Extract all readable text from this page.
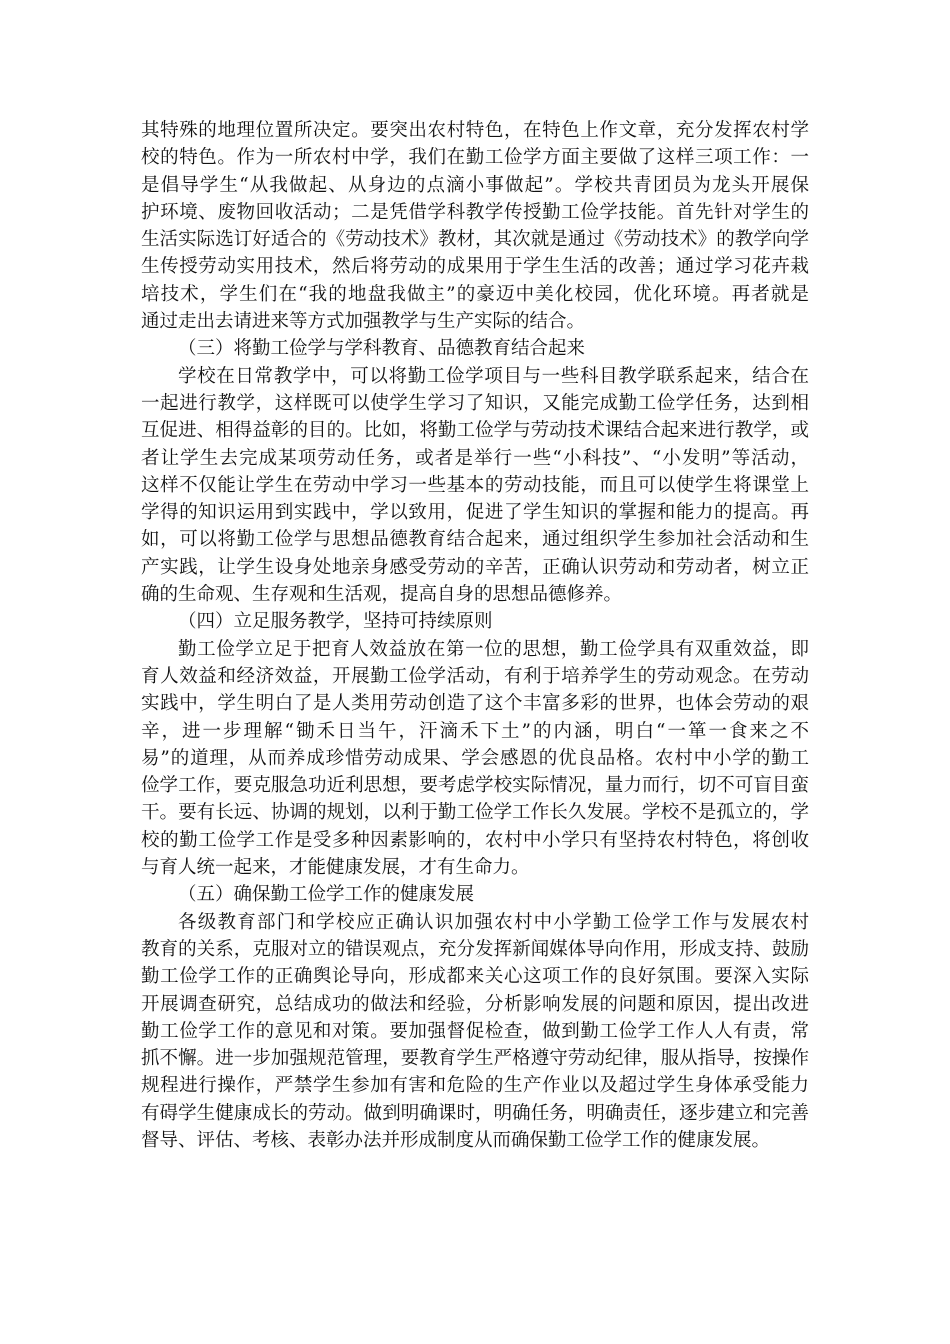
其特殊的地理位置所决定。要突出农村特色，在特色上作文章，充分发挥农村学
校的特色。作为一所农村中学，我们在勤工俭学方面主要做了这样三项工作：一
是倡导学生“从我做起、从身边的点滴小事做起”。学校共青团员为龙头开展保
护环境、废物回收活动；二是凭借学科教学传授勤工俭学技能。首先针对学生的
生活实际选订好适合的《劳动技术》教材，其次就是通过《劳动技术》的教学向学
生传授劳动实用技术，然后将劳动的成果用于学生生活的改善；通过学习花卉栽
培技术，学生们在“我的地盘我做主”的豪迈中美化校园，优化环境。再者就是
通过走出去请进来等方式加强教学与生产实际的结合。
（三）将勤工俭学与学科教育、品德教育结合起来
学校在日常教学中，可以将勤工俭学项目与一些科目教学联系起来，结合在
一起进行教学，这样既可以使学生学习了知识，又能完成勤工俭学任务，达到相
互促进、相得益彰的目的。比如，将勤工俭学与劳动技术课结合起来进行教学，或
者让学生去完成某项劳动任务，或者是举行一些“小科技”、“小发明”等活动，
这样不仅能让学生在劳动中学习一些基本的劳动技能，而且可以使学生将课堂上
学得的知识运用到实践中，学以致用，促进了学生知识的掌握和能力的提高。再
如，可以将勤工俭学与思想品德教育结合起来，通过组织学生参加社会活动和生
产实践，让学生设身处地亲身感受劳动的辛苦，正确认识劳动和劳动者，树立正
确的生命观、生存观和生活观，提高自身的思想品德修养。
（四）立足服务教学，坚持可持续原则
勤工俭学立足于把育人效益放在第一位的思想，勤工俭学具有双重效益，即
育人效益和经济效益，开展勤工俭学活动，有利于培养学生的劳动观念。在劳动
实践中，学生明白了是人类用劳动创造了这个丰富多彩的世界，也体会劳动的艰
辛，进一步理解“锄禾日当午，汗滴禾下土”的内涵，明白“一箪一食来之不
易”的道理，从而养成珍惜劳动成果、学会感恩的优良品格。农村中小学的勤工
俭学工作，要克服急功近利思想，要考虑学校实际情况，量力而行，切不可盲目蛮
干。要有长远、协调的规划，以利于勤工俭学工作长久发展。学校不是孤立的，学
校的勤工俭学工作是受多种因素影响的，农村中小学只有坚持农村特色，将创收
与育人统一起来，才能健康发展，才有生命力。
（五）确保勤工俭学工作的健康发展
各级教育部门和学校应正确认识加强农村中小学勤工俭学工作与发展农村
教育的关系，克服对立的错误观点，充分发挥新闻媒体导向作用，形成支持、鼓励
勤工俭学工作的正确舆论导向，形成都来关心这项工作的良好氛围。要深入实际
开展调查研究，总结成功的做法和经验，分析影响发展的问题和原因，提出改进
勤工俭学工作的意见和对策。要加强督促检查，做到勤工俭学工作人人有责，常
抓不懈。进一步加强规范管理，要教育学生严格遵守劳动纪律，服从指导，按操作
规程进行操作，严禁学生参加有害和危险的生产作业以及超过学生身体承受能力
有碍学生健康成长的劳动。做到明确课时，明确任务，明确责任，逐步建立和完善
督导、评估、考核、表彰办法并形成制度从而确保勤工俭学工作的健康发展。
